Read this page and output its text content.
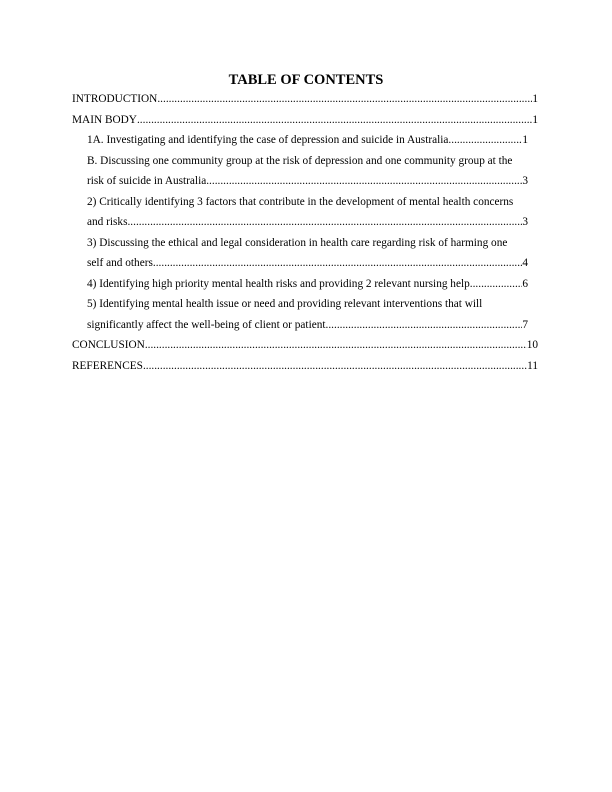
TABLE OF CONTENTS
INTRODUCTION .....	1
MAIN BODY .....	1
1A. Investigating and identifying the case of depression and suicide in Australia .....	1
B. Discussing one community group at the risk of depression and one community group at the
risk of suicide in Australia .....	3
2) Critically identifying 3 factors that contribute in the development of mental health concerns
and risks .....	3
3) Discussing the ethical and legal consideration in health care regarding risk of harming one
self and others .....	4
4) Identifying high priority mental health risks and providing 2 relevant nursing help .....	6
5) Identifying mental health issue or need and providing relevant interventions that will
significantly affect the well-being of client or patient .....	7
CONCLUSION .....	10
REFERENCES .....	11
